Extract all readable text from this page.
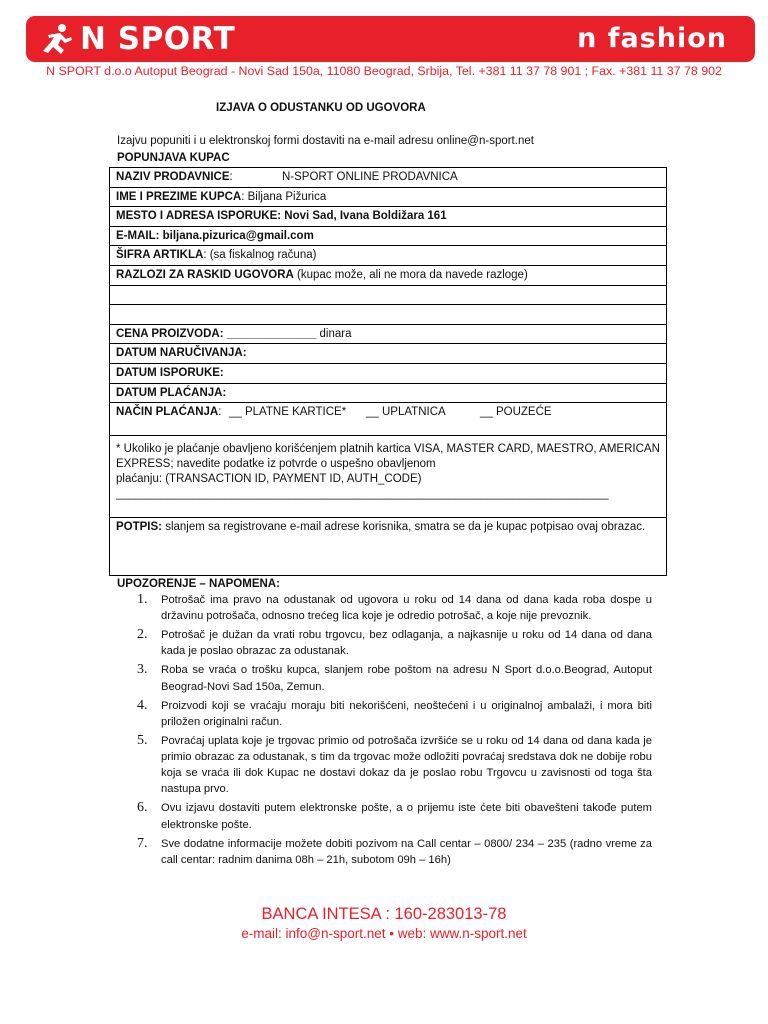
N SPORT	n fashion
N SPORT d.o.o Autoput Beograd - Novi Sad 150a, 11080 Beograd, Srbija, Tel. +381 11 37 78 901 ; Fax. +381 11 37 78 902
IZJAVA O ODUSTANKU OD UGOVORA
Izajvu popuniti i u elektronskoj formi dostaviti na e-mail adresu online@n-sport.net
POPUNJAVA KUPAC
NAZIV PRODAVNICE:	N-SPORT ONLINE PRODAVNICA
IME I PREZIME KUPCA: Biljana Pižurica
MESTO I ADRESA ISPORUKE: Novi Sad, Ivana Boldižara 161
E-MAIL: biljana.pizurica@gmail.com
ŠIFRA ARTIKLA: (sa fiskalnog računa)
RAZLOZI ZA RASKID UGOVORA (kupac može, ali ne mora da navede razloge)
CENA PROIZVODA: ______________ dinara
DATUM NARUČIVANJA:
DATUM ISPORUKE:
DATUM PLAĆANJA:
NAČIN PLAĆANJA: __ PLATNE KARTICE* __ UPLATNICA	__ POUZEĆE
* Ukoliko je plaćanje obavljeno korišćenjem platnih kartica VISA, MASTER CARD, MAESTRO, AMERICAN EXPRESS; navedite podatke iz potvrde o uspešno obavljenom
plaćanju: (TRANSACTION ID, PAYMENT ID, AUTH_CODE)
_____________________________________________________________________________
POTPIS: slanjem sa registrovane e-mail adrese korisnika, smatra se da je kupac potpisao ovaj obrazac.
UPOZORENJE – NAPOMENA:
1. Potrošač ima pravo na odustanak od ugovora u roku od 14 dana od dana kada roba dospe u državinu potrošača, odnosno trećeg lica koje je odredio potrošač, a koje nije prevoznik.
2. Potrošač je dužan da vrati robu trgovcu, bez odlaganja, a najkasnije u roku od 14 dana od dana kada je poslao obrazac za odustanak.
3. Roba se vraća o trošku kupca, slanjem robe poštom na adresu N Sport d.o.o.Beograd, Autoput Beograd-Novi Sad 150a, Zemun.
4. Proizvodi koji se vraćaju moraju biti nekorišćeni, neoštećeni i u originalnoj ambalaži, i mora biti priložen originalni račun.
5. Povraćaj uplata koje je trgovac primio od potrošača izvršiće se u roku od 14 dana od dana kada je primio obrazac za odustanak, s tim da trgovac može odložiti povraćaj sredstava dok ne dobije robu koja se vraća ili dok Kupac ne dostavi dokaz da je poslao robu Trgovcu u zavisnosti od toga šta nastupa prvo.
6. Ovu izjavu dostaviti putem elektronske pošte, a o prijemu iste ćete biti obavešteni takođe putem elektronske pošte.
7. Sve dodatne informacije možete dobiti pozivom na Call centar – 0800/ 234 – 235 (radno vreme za call centar: radnim danima 08h – 21h, subotom 09h – 16h)
BANCA INTESA : 160-283013-78
e-mail: info@n-sport.net • web: www.n-sport.net
